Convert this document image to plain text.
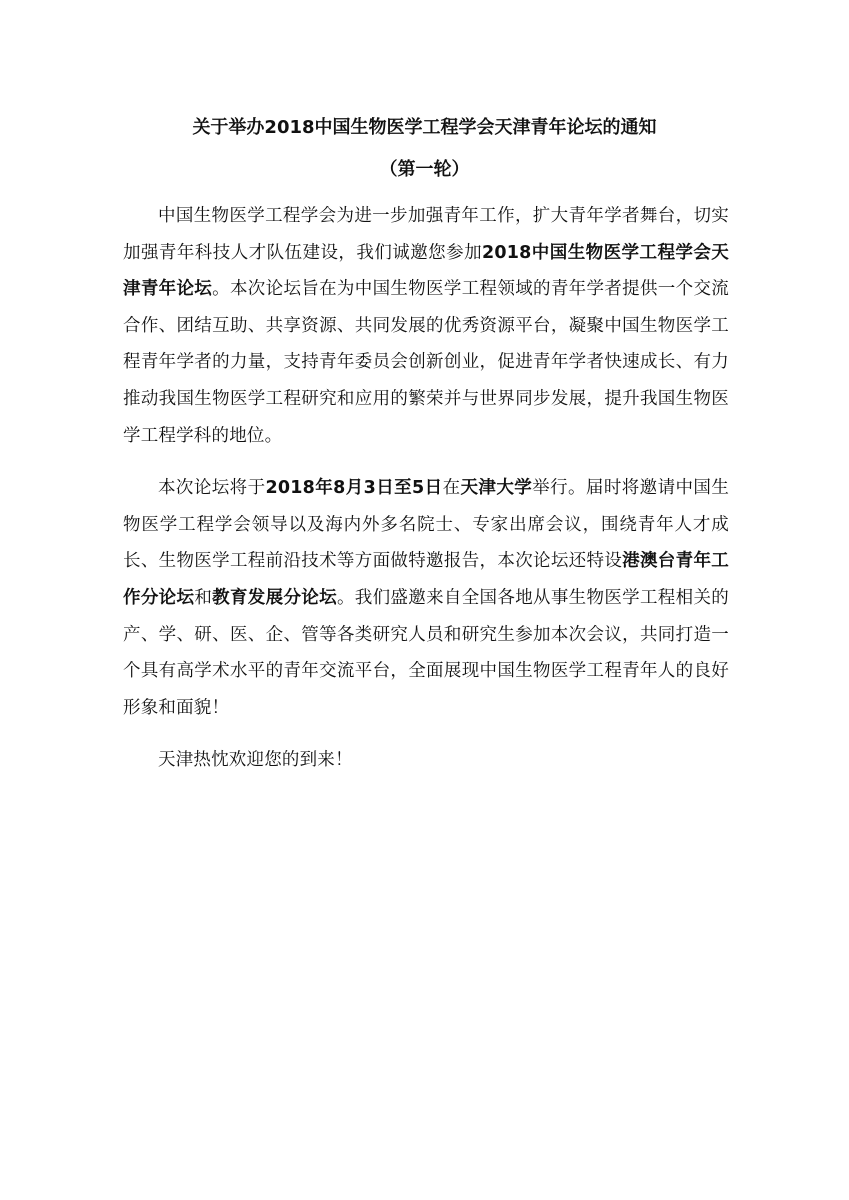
关于举办2018中国生物医学工程学会天津青年论坛的通知
（第一轮）

中国生物医学工程学会为进一步加强青年工作，扩大青年学者舞台，切实加强青年科技人才队伍建设，我们诚邀您参加2018中国生物医学工程学会天津青年论坛。本次论坛旨在为中国生物医学工程领域的青年学者提供一个交流合作、团结互助、共享资源、共同发展的优秀资源平台，凝聚中国生物医学工程青年学者的力量，支持青年委员会创新创业，促进青年学者快速成长、有力推动我国生物医学工程研究和应用的繁荣并与世界同步发展，提升我国生物医学工程学科的地位。

本次论坛将于2018年8月3日至5日在天津大学举行。届时将邀请中国生物医学工程学会领导以及海内外多名院士、专家出席会议，围绕青年人才成长、生物医学工程前沿技术等方面做特邀报告，本次论坛还特设港澳台青年工作分论坛和教育发展分论坛。我们盛邀来自全国各地从事生物医学工程相关的产、学、研、医、企、管等各类研究人员和研究生参加本次会议，共同打造一个具有高学术水平的青年交流平台，全面展现中国生物医学工程青年人的良好形象和面貌！

天津热忱欢迎您的到来！
